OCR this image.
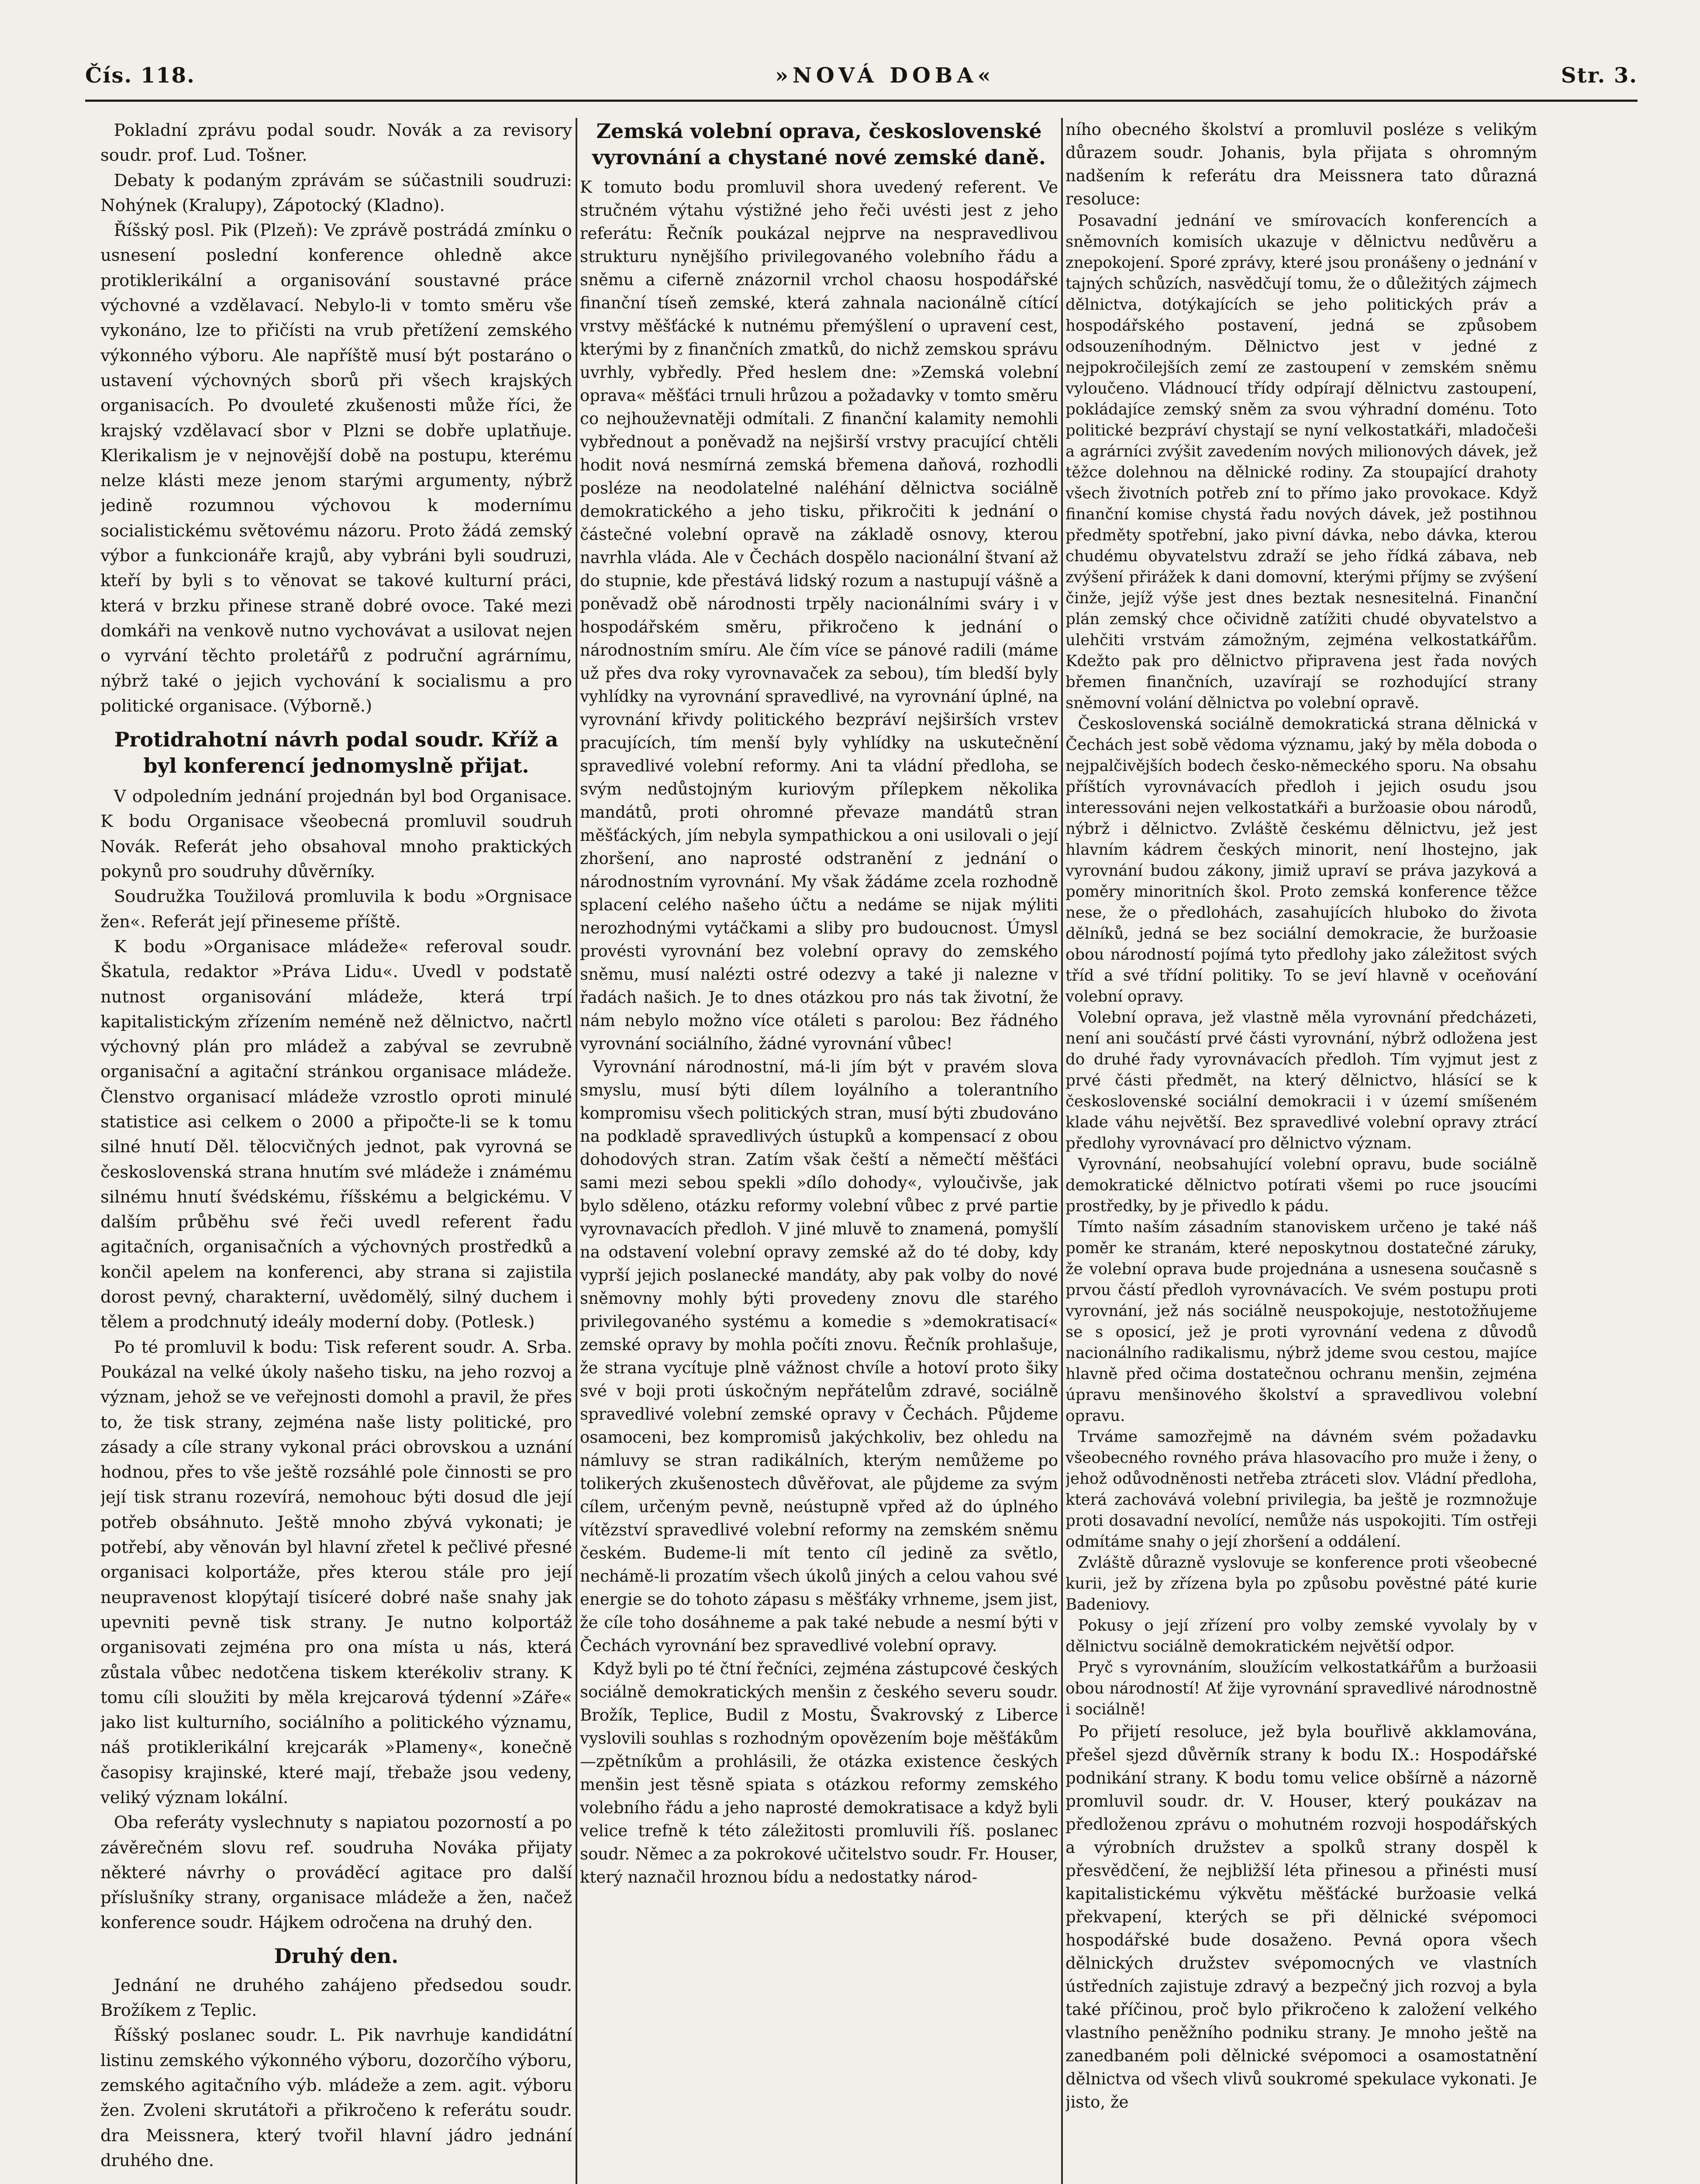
Čís. 118.	»NOVÁ DOBA«	Str. 3.

Pokladní zprávu podal soudr. Novák a za revisory soudr. prof. Lud. Tošner.

Debaty k podaným zprávám se súčastnili soudruzi: Nohýnek (Kralupy), Zápotocký (Kladno).

Říšský posl. Pik (Plzeň): Ve zprávě postrádá zmínku o usnesení poslední konference ohledně akce protiklerikální a organisování soustavné práce výchovné a vzdělavací. Nebylo-li v tomto směru vše vykonáno, lze to přičísti na vrub přetížení zemského výkonného výboru. Ale napříště musí být postaráno o ustavení výchovných sborů při všech krajských organisacích. Po dvouleté zkušenosti může říci, že krajský vzdělavací sbor v Plzni se dobře uplatňuje. Klerikalism je v nejnovější době na postupu, kterému nelze klásti meze jenom starými argumenty, nýbrž jedině rozumnou výchovou k modernímu socialistickému světovému názoru. Proto žádá zemský výbor a funkcionáře krajů, aby vybráni byli soudruzi, kteří by byli s to věnovat se takové kulturní práci, která v brzku přinese straně dobré ovoce. Také mezi domkáři na venkově nutno vychovávat a usilovat nejen o vyrvání těchto proletářů z područní agrárnímu, nýbrž také o jejich vychování k socialismu a pro politické organisace. (Výborně.)

Protidrahotní návrh podal soudr. Kříž a byl konferencí jednomyslně přijat.

V odpoledním jednání projednán byl bod Organisace. K bodu Organisace všeobecná promluvil soudruh Novák. Referát jeho obsahoval mnoho praktických pokynů pro soudruhy důvěrníky.

Soudružka Toužilová promluvila k bodu »Orgnisace žen«. Referát její přineseme příště.

K bodu »Organisace mládeže« referoval soudr. Škatula, redaktor »Práva Lidu«. Uvedl v podstatě nutnost organisování mládeže, která trpí kapitalistickým zřízením neméně než dělnictvo, načrtl výchovný plán pro mládež a zabýval se zevrubně organisační a agitační stránkou organisace mládeže. Členstvo organisací mládeže vzrostlo oproti minulé statistice asi celkem o 2000 a připočte-li se k tomu silné hnutí Děl. tělocvičných jednot, pak vyrovná se československá strana hnutím své mládeže i známému silnému hnutí švédskému, říšskému a belgickému. V dalším průběhu své řeči uvedl referent řadu agitačních, organisačních a výchovných prostředků a končil apelem na konferenci, aby strana si zajistila dorost pevný, charakterní, uvědomělý, silný duchem i tělem a prodchnutý ideály moderní doby. (Potlesk.)

Po té promluvil k bodu: Tisk referent soudr. A. Srba. Poukázal na velké úkoly našeho tisku, na jeho rozvoj a význam, jehož se ve veřejnosti domohl a pravil, že přes to, že tisk strany, zejména naše listy politické, pro zásady a cíle strany vykonal práci obrovskou a uznání hodnou, přes to vše ještě rozsáhlé pole činnosti se pro její tisk stranu rozevírá, nemohouc býti dosud dle její potřeb obsáhnuto. Ještě mnoho zbývá vykonati; je potřebí, aby věnován byl hlavní zřetel k pečlivé přesné organisaci kolportáže, přes kterou stále pro její neupravenost klopýtají tisíceré dobré naše snahy jak upevniti pevně tisk strany. Je nutno kolportáž organisovati zejména pro ona místa u nás, která zůstala vůbec nedotčena tiskem kterékoliv strany. K tomu cíli sloužiti by měla krejcarová týdenní »Záře« jako list kulturního, sociálního a politického významu, náš protiklerikální krejcarák »Plameny«, konečně časopisy krajinské, které mají, třebaže jsou vedeny, veliký význam lokální.

Oba referáty vyslechnuty s napiatou pozorností a po závěrečném slovu ref. soudruha Nováka přijaty některé návrhy o prováděcí agitace pro další příslušníky strany, organisace mládeže a žen, načež konference soudr. Hájkem odročena na druhý den.

Druhý den.

Jednání ne druhého zahájeno předsedou soudr. Brožíkem z Teplic.

Říšský poslanec soudr. L. Pik navrhuje kandidátní listinu zemského výkonného výboru, dozorčího výboru, zemského agitačního výb. mládeže a zem. agit. výboru žen. Zvoleni skrutátoři a přikročeno k referátu soudr. dra Meissnera, který tvořil hlavní jádro jednání druhého dne.

Zemská volební oprava, československé vyrovnání a chystané nové zemské daně.

K tomuto bodu promluvil shora uvedený referent. Ve stručném výtahu výstižné jeho řeči uvésti jest z jeho referátu: Řečník poukázal nejprve na nespravedlivou strukturu nynějšího privilegovaného volebního řádu a sněmu a ciferně znázornil vrchol chaosu hospodářské finanční tíseň zemské, která zahnala nacionálně cítící vrstvy měšťácké k nutnému přemýšlení o upravení cest, kterými by z finančních zmatků, do nichž zemskou správu uvrhly, vybředly. Před heslem dne: »Zemská volební oprava« měšťáci trnuli hrůzou a požadavky v tomto směru co nejhouževnatěji odmítali. Z finanční kalamity nemohli vybřednout a poněvadž na nejširší vrstvy pracující chtěli hodit nová nesmírná zemská břemena daňová, rozhodli posléze na neodolatelné naléhání dělnictva sociálně demokratického a jeho tisku, přikročiti k jednání o částečné volební opravě na základě osnovy, kterou navrhla vláda. Ale v Čechách dospělo nacionální štvaní až do stupnie, kde přestává lidský rozum a nastupují vášně a poněvadž obě národnosti trpěly nacionálními sváry i v hospodářském směru, přikročeno k jednání o národnostním smíru. Ale čím více se pánové radili (máme už přes dva roky vyrovnavaček za sebou), tím bledší byly vyhlídky na vyrovnání spravedlivé, na vyrovnání úplné, na vyrovnání křivdy politického bezpráví nejširších vrstev pracujících, tím menší byly vyhlídky na uskutečnění spravedlivé volební reformy. Ani ta vládní předloha, se svým nedůstojným kuriovým přílepkem několika mandátů, proti ohromné převaze mandátů stran měšťáckých, jím nebyla sympathickou a oni usilovali o její zhoršení, ano naprosté odstranění z jednání o národnostním vyrovnání. My však žádáme zcela rozhodně splacení celého našeho účtu a nedáme se nijak mýliti nerozhodnými vytáčkami a sliby pro budoucnost. Úmysl provésti vyrovnání bez volební opravy do zemského sněmu, musí nalézti ostré odezvy a také ji nalezne v řadách našich. Je to dnes otázkou pro nás tak životní, že nám nebylo možno více otáleti s parolou: Bez řádného vyrovnání sociálního, žádné vyrovnání vůbec!

Vyrovnání národnostní, má-li jím být v pravém slova smyslu, musí býti dílem loyálního a tolerantního kompromisu všech politických stran, musí býti zbudováno na podkladě spravedlivých ústupků a kompensací z obou dohodových stran. Zatím však čeští a němečtí měšťáci sami mezi sebou spekli »dílo dohody«, vyloučivše, jak bylo sděleno, otázku reformy volební vůbec z prvé partie vyrovnavacích předloh. V jiné mluvě to znamená, pomyšlí na odstavení volební opravy zemské až do té doby, kdy vyprší jejich poslanecké mandáty, aby pak volby do nové sněmovny mohly býti provedeny znovu dle starého privilegovaného systému a komedie s »demokratisací« zemské opravy by mohla počíti znovu. Řečník prohlašuje, že strana vycítuje plně vážnost chvíle a hotoví proto šiky své v boji proti úskočným nepřátelům zdravé, sociálně spravedlivé volební zemské opravy v Čechách. Půjdeme osamoceni, bez kompromisů jakýchkoliv, bez ohledu na námluvy se stran radikálních, kterým nemůžeme po tolikerých zkušenostech důvěřovat, ale půjdeme za svým cílem, určeným pevně, neústupně vpřed až do úplného vítězství spravedlivé volební reformy na zemském sněmu českém. Budeme-li mít tento cíl jedině za světlo, nechámě-li prozatím všech úkolů jiných a celou vahou své energie se do tohoto zápasu s měšťáky vrhneme, jsem jist, že cíle toho dosáhneme a pak také nebude a nesmí býti v Čechách vyrovnání bez spravedlivé volební opravy.

Když byli po té čtní řečníci, zejména zástupcové českých sociálně demokratických menšin z českého severu soudr. Brožík, Teplice, Budil z Mostu, Švakrovský z Liberce vyslovili souhlas s rozhodným opovězením boje měšťákům—zpětníkům a prohlásili, že otázka existence českých menšin jest těsně spiata s otázkou reformy zemského volebního řádu a jeho naprosté demokratisace a když byli velice trefně k této záležitosti promluvili říš. poslanec soudr. Němec a za pokrokové učitelstvo soudr. Fr. Houser, který naznačil hroznou bídu a nedostatky národ-

ního obecného školství a promluvil posléze s velikým důrazem soudr. Johanis, byla přijata s ohromným nadšením k referátu dra Meissnera tato důrazná resoluce:

Posavadní jednání ve smírovacích konferencích a sněmovních komisích ukazuje v dělnictvu nedůvěru a znepokojení. Sporé zprávy, které jsou pronášeny o jednání v tajných schůzích, nasvědčují tomu, že o důležitých zájmech dělnictva, dotýkajících se jeho politických práv a hospodářského postavení, jedná se způsobem odsouzeníhodným. Dělnictvo jest v jedné z nejpokročilejších zemí ze zastoupení v zemském sněmu vyloučeno. Vládnoucí třídy odpírají dělnictvu zastoupení, pokládajíce zemský sněm za svou výhradní doménu. Toto politické bezpráví chystají se nyní velkostatkáři, mladočeši a agrárníci zvýšit zavedením nových milionových dávek, jež těžce dolehnou na dělnické rodiny. Za stoupající drahoty všech životních potřeb zní to přímo jako provokace. Když finanční komise chystá řadu nových dávek, jež postihnou předměty spotřební, jako pivní dávka, nebo dávka, kterou chudému obyvatelstvu zdraží se jeho řídká zábava, neb zvýšení přirážek k dani domovní, kterými příjmy se zvýšení činže, jejíž výše jest dnes beztak nesnesitelná. Finanční plán zemský chce očividně zatížiti chudé obyvatelstvo a ulehčiti vrstvám zámožným, zejména velkostatkářům. Kdežto pak pro dělnictvo připravena jest řada nových břemen finančních, uzavírají se rozhodující strany sněmovní volání dělnictva po volební opravě.

Československá sociálně demokratická strana dělnická v Čechách jest sobě vědoma významu, jaký by měla doboda o nejpalčivějších bodech česko-německého sporu. Na obsahu příštích vyrovnávacích předloh i jejich osudu jsou interessováni nejen velkostatkáři a buržoasie obou národů, nýbrž i dělnictvo. Zvláště českému dělnictvu, jež jest hlavním kádrem českých minorit, není lhostejno, jak vyrovnání budou zákony, jimiž upraví se práva jazyková a poměry minoritních škol. Proto zemská konference těžce nese, že o předlohách, zasahujících hluboko do života dělníků, jedná se bez sociální demokracie, že buržoasie obou národností pojímá tyto předlohy jako záležitost svých tříd a své třídní politiky. To se jeví hlavně v oceňování volební opravy.

Volební oprava, jež vlastně měla vyrovnání předcházeti, není ani součástí prvé části vyrovnání, nýbrž odložena jest do druhé řady vyrovnávacích předloh. Tím vyjmut jest z prvé části předmět, na který dělnictvo, hlásící se k československé sociální demokracii i v území smíšeném klade váhu největší. Bez spravedlivé volební opravy ztrácí předlohy vyrovnávací pro dělnictvo význam.

Vyrovnání, neobsahující volební opravu, bude sociálně demokratické dělnictvo potírati všemi po ruce jsoucími prostředky, by je přivedlo k pádu.

Tímto naším zásadním stanoviskem určeno je také náš poměr ke stranám, které neposkytnou dostatečné záruky, že volební oprava bude projednána a usnesena současně s prvou částí předloh vyrovnávacích. Ve svém postupu proti vyrovnání, jež nás sociálně neuspokojuje, nestotožňujeme se s oposicí, jež je proti vyrovnání vedena z důvodů nacionálního radikalismu, nýbrž jdeme svou cestou, majíce hlavně před očima dostatečnou ochranu menšin, zejména úpravu menšinového školství a spravedlivou volební opravu.

Trváme samozřejmě na dávném svém požadavku všeobecného rovného práva hlasovacího pro muže i ženy, o jehož odůvodněnosti netřeba ztráceti slov. Vládní předloha, která zachovává volební privilegia, ba ještě je rozmnožuje proti dosavadní nevolící, nemůže nás uspokojiti. Tím ostřeji odmítáme snahy o její zhoršení a oddálení.

Zvláště důrazně vyslovuje se konference proti všeobecné kurii, jež by zřízena byla po způsobu pověstné páté kurie Badeniovy.

Pokusy o její zřízení pro volby zemské vyvolaly by v dělnictvu sociálně demokratickém největší odpor.

Pryč s vyrovnáním, sloužícím velkostatkářům a buržoasii obou národností! Ať žije vyrovnání spravedlivé národnostně i sociálně!

Po přijetí resoluce, jež byla bouřlivě akklamována, přešel sjezd důvěrník strany k bodu IX.: Hospodářské podnikání strany. K bodu tomu velice obšírně a názorně promluvil soudr. dr. V. Houser, který poukázav na předloženou zprávu o mohutném rozvoji hospodářských a výrobních družstev a spolků strany dospěl k přesvědčení, že nejbližší léta přinesou a přinésti musí kapitalistickému výkvětu měšťácké buržoasie velká překvapení, kterých se při dělnické svépomoci hospodářské bude dosaženo. Pevná opora všech dělnických družstev svépomocných ve vlastních ústředních zajistuje zdravý a bezpečný jich rozvoj a byla také příčinou, proč bylo přikročeno k založení velkého vlastního peněžního podniku strany. Je mnoho ještě na zanedbaném poli dělnické svépomoci a osamostatnění dělnictva od všech vlivů soukromé spekulace vykonati. Je jisto, že
